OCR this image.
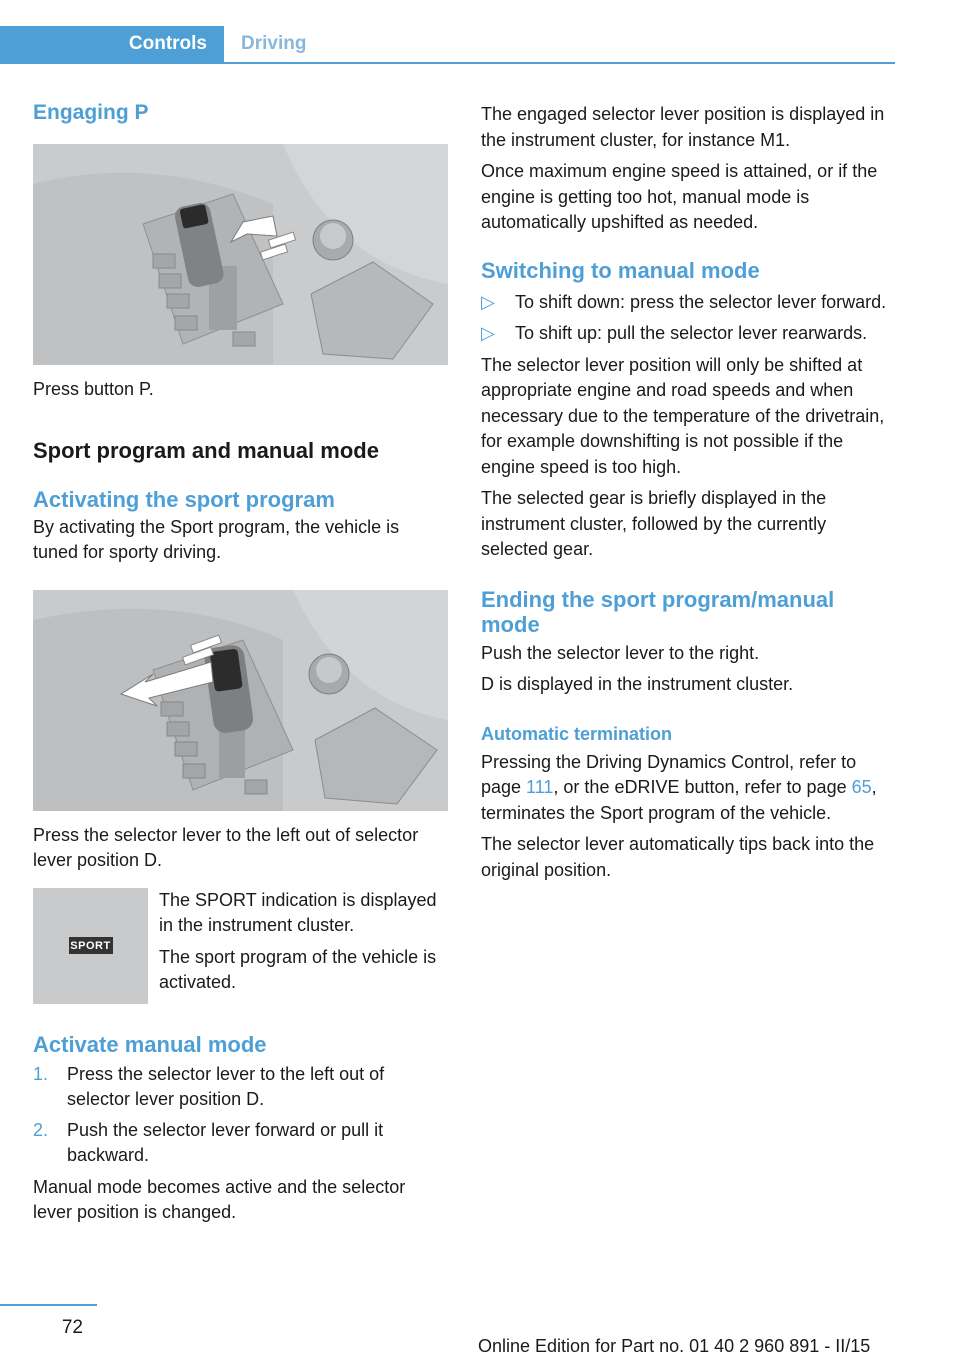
Controls	Driving
Engaging P

Press button P.

Sport program and manual mode
Activating the sport program

By activating the Sport program, the vehicle is tuned for sporty driving.

Press the selector lever to the left out of selector lever position D.

SPORT

The SPORT indication is displayed in the instrument cluster.

The sport program of the vehicle is activated.

Activate manual mode
1. Press the selector lever to the left out of selector lever position D.
2. Push the selector lever forward or pull it backward.

Manual mode becomes active and the selector lever position is changed.

The engaged selector lever position is displayed in the instrument cluster, for instance M1.

Once maximum engine speed is attained, or if the engine is getting too hot, manual mode is automatically upshifted as needed.

Switching to manual mode
▷ To shift down: press the selector lever forward.
▷ To shift up: pull the selector lever rearwards.

The selector lever position will only be shifted at appropriate engine and road speeds and when necessary due to the temperature of the drivetrain, for example downshifting is not possible if the engine speed is too high.

The selected gear is briefly displayed in the instrument cluster, followed by the currently selected gear.

Ending the sport program/manual mode

Push the selector lever to the right.

D is displayed in the instrument cluster.

Automatic termination

Pressing the Driving Dynamics Control, refer to page 111, or the eDRIVE button, refer to page 65, terminates the Sport program of the vehicle.

The selector lever automatically tips back into the original position.

72
Online Edition for Part no. 01 40 2 960 891 - II/15
